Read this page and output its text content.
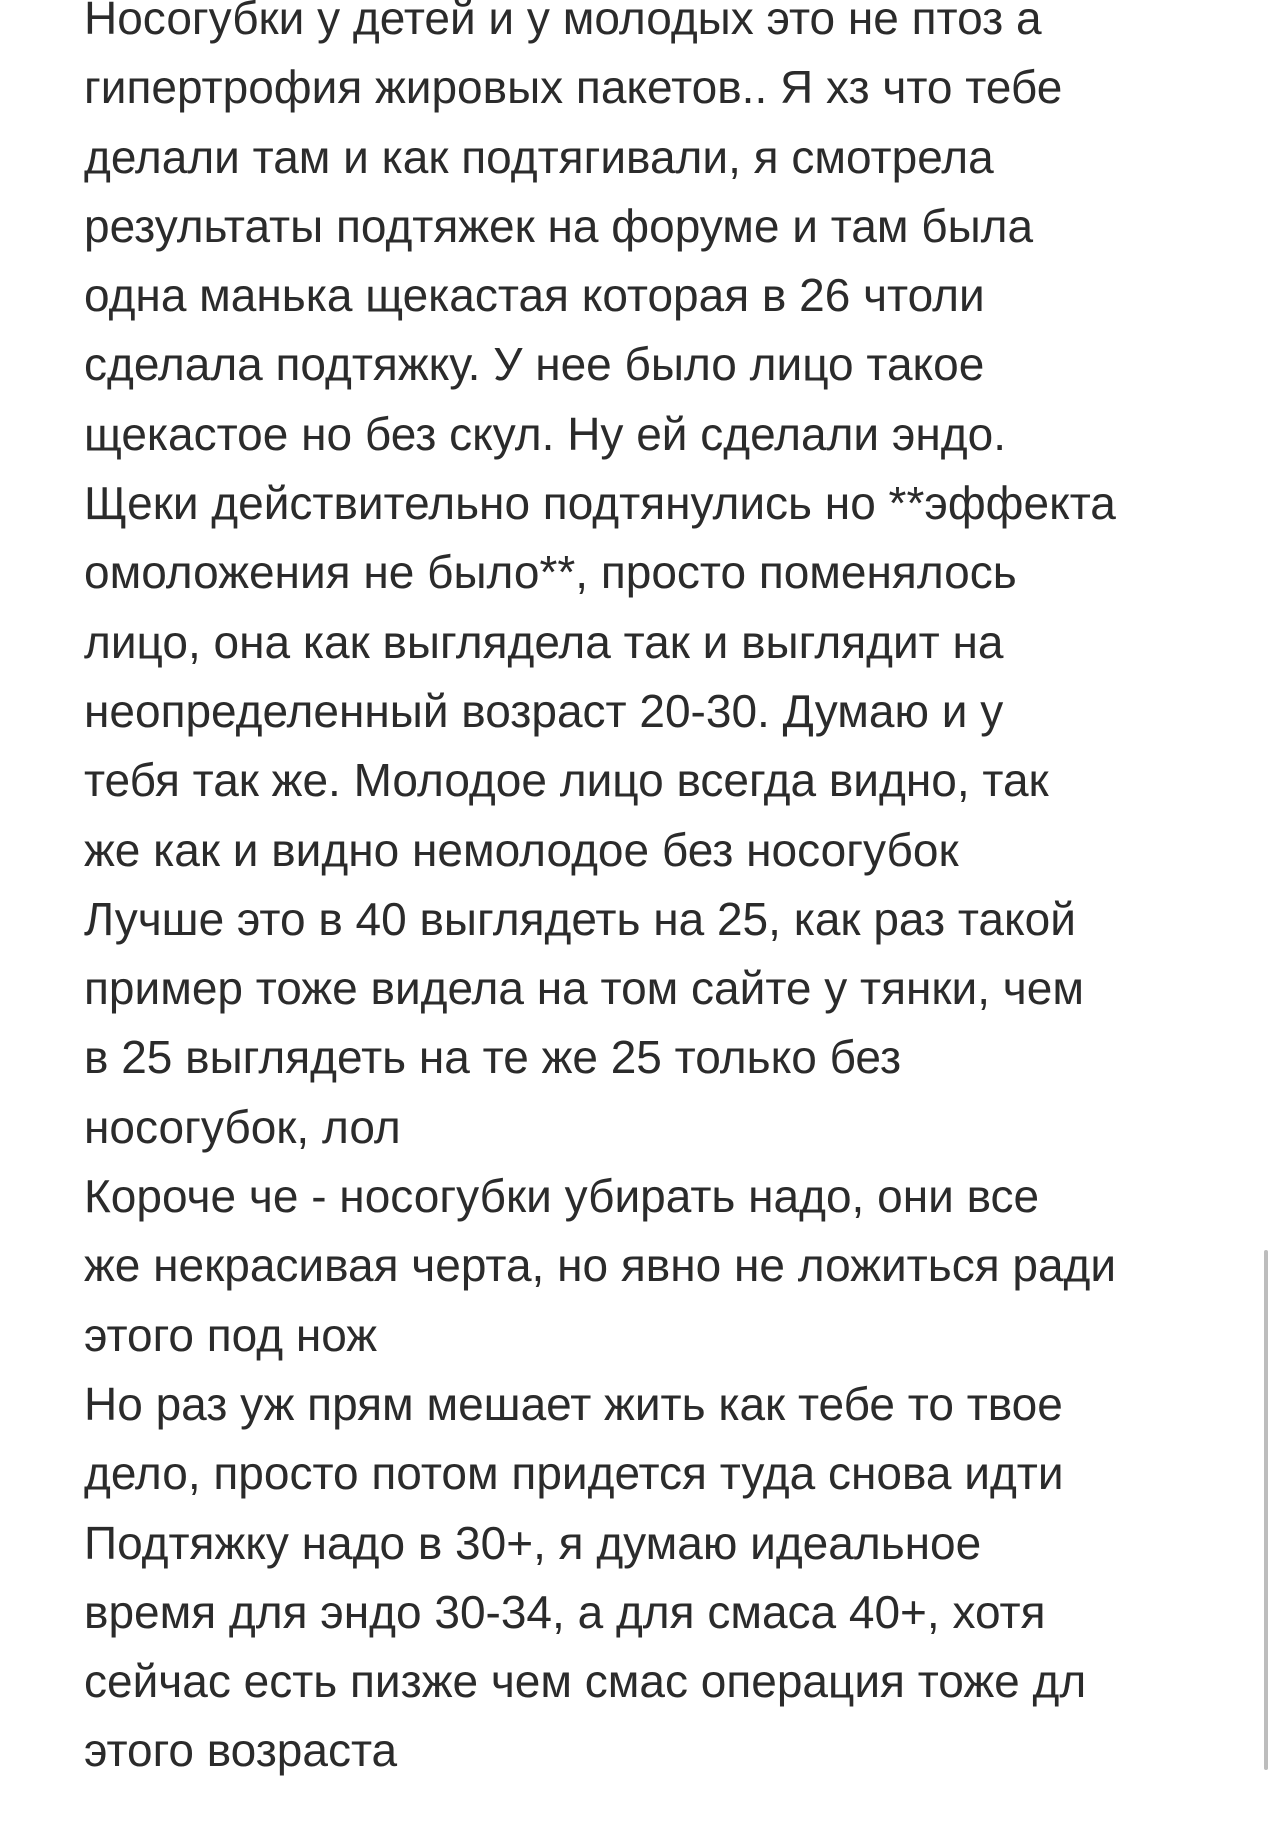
Носогубки у детей и у молодых это не птоз а
гипертрофия жировых пакетов.. Я хз что тебе
делали там и как подтягивали, я смотрела
результаты подтяжек на форуме и там была
одна манька щекастая которая в 26 чтоли
сделала подтяжку. У нее было лицо такое
щекастое но без скул. Ну ей сделали эндо.
Щеки действительно подтянулись но **эффекта
омоложения не было**, просто поменялось
лицо, она как выглядела так и выглядит на
неопределенный возраст 20-30. Думаю и у
тебя так же. Молодое лицо всегда видно, так
же как и видно немолодое без носогубок
Лучше это в 40 выглядеть на 25, как раз такой
пример тоже видела на том сайте у тянки, чем
в 25 выглядеть на те же 25 только без
носогубок, лол
Короче че - носогубки убирать надо, они все
же некрасивая черта, но явно не ложиться ради
этого под нож
Но раз уж прям мешает жить как тебе то твое
дело, просто потом придется туда снова идти
Подтяжку надо в 30+, я думаю идеальное
время для эндо 30-34, а для смаса 40+, хотя
сейчас есть пизже чем смас операция тоже дл
этого возраста
